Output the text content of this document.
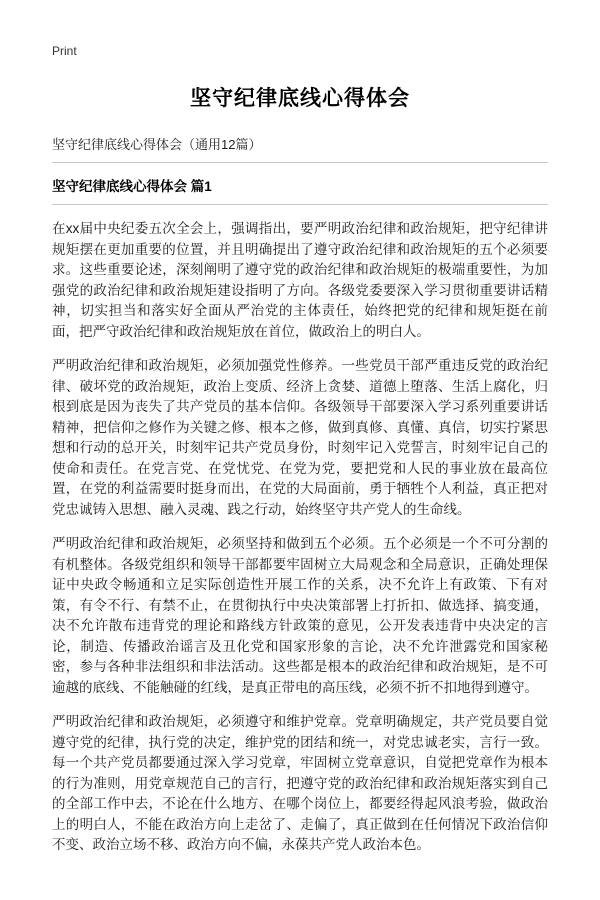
Print
坚守纪律底线心得体会
坚守纪律底线心得体会（通用12篇）
坚守纪律底线心得体会 篇1

在xx届中央纪委五次全会上，强调指出，要严明政治纪律和政治规矩，把守纪律讲规矩摆在更加重要的位置，并且明确提出了遵守政治纪律和政治规矩的五个必须要求。这些重要论述，深刻阐明了遵守党的政治纪律和政治规矩的极端重要性，为加强党的政治纪律和政治规矩建设指明了方向。各级党委要深入学习贯彻重要讲话精神，切实担当和落实好全面从严治党的主体责任，始终把党的纪律和规矩挺在前面，把严守政治纪律和政治规矩放在首位，做政治上的明白人。

严明政治纪律和政治规矩，必须加强党性修养。一些党员干部严重违反党的政治纪律、破坏党的政治规矩，政治上变质、经济上贪婪、道德上堕落、生活上腐化，归根到底是因为丧失了共产党员的基本信仰。各级领导干部要深入学习系列重要讲话精神，把信仰之修作为关键之修、根本之修，做到真修、真懂、真信，切实拧紧思想和行动的总开关，时刻牢记共产党员身份，时刻牢记入党誓言，时刻牢记自己的使命和责任。在党言党、在党忧党、在党为党，要把党和人民的事业放在最高位置，在党的利益需要时挺身而出，在党的大局面前，勇于牺牲个人利益，真正把对党忠诚铸入思想、融入灵魂、践之行动，始终坚守共产党人的生命线。

严明政治纪律和政治规矩，必须坚持和做到五个必须。五个必须是一个不可分割的有机整体。各级党组织和领导干部都要牢固树立大局观念和全局意识，正确处理保证中央政令畅通和立足实际创造性开展工作的关系，决不允许上有政策、下有对策，有令不行、有禁不止，在贯彻执行中央决策部署上打折扣、做选择、搞变通，决不允许散布违背党的理论和路线方针政策的意见，公开发表违背中央决定的言论，制造、传播政治谣言及丑化党和国家形象的言论，决不允许泄露党和国家秘密，参与各种非法组织和非法活动。这些都是根本的政治纪律和政治规矩，是不可逾越的底线、不能触碰的红线，是真正带电的高压线，必须不折不扣地得到遵守。

严明政治纪律和政治规矩，必须遵守和维护党章。党章明确规定，共产党员要自觉遵守党的纪律，执行党的决定，维护党的团结和统一，对党忠诚老实，言行一致。每一个共产党员都要通过深入学习党章，牢固树立党章意识，自觉把党章作为根本的行为准则，用党章规范自己的言行，把遵守党的政治纪律和政治规矩落实到自己的全部工作中去，不论在什么地方、在哪个岗位上，都要经得起风浪考验，做政治上的明白人，不能在政治方向上走岔了、走偏了，真正做到在任何情况下政治信仰不变、政治立场不移、政治方向不偏，永葆共产党人政治本色。
